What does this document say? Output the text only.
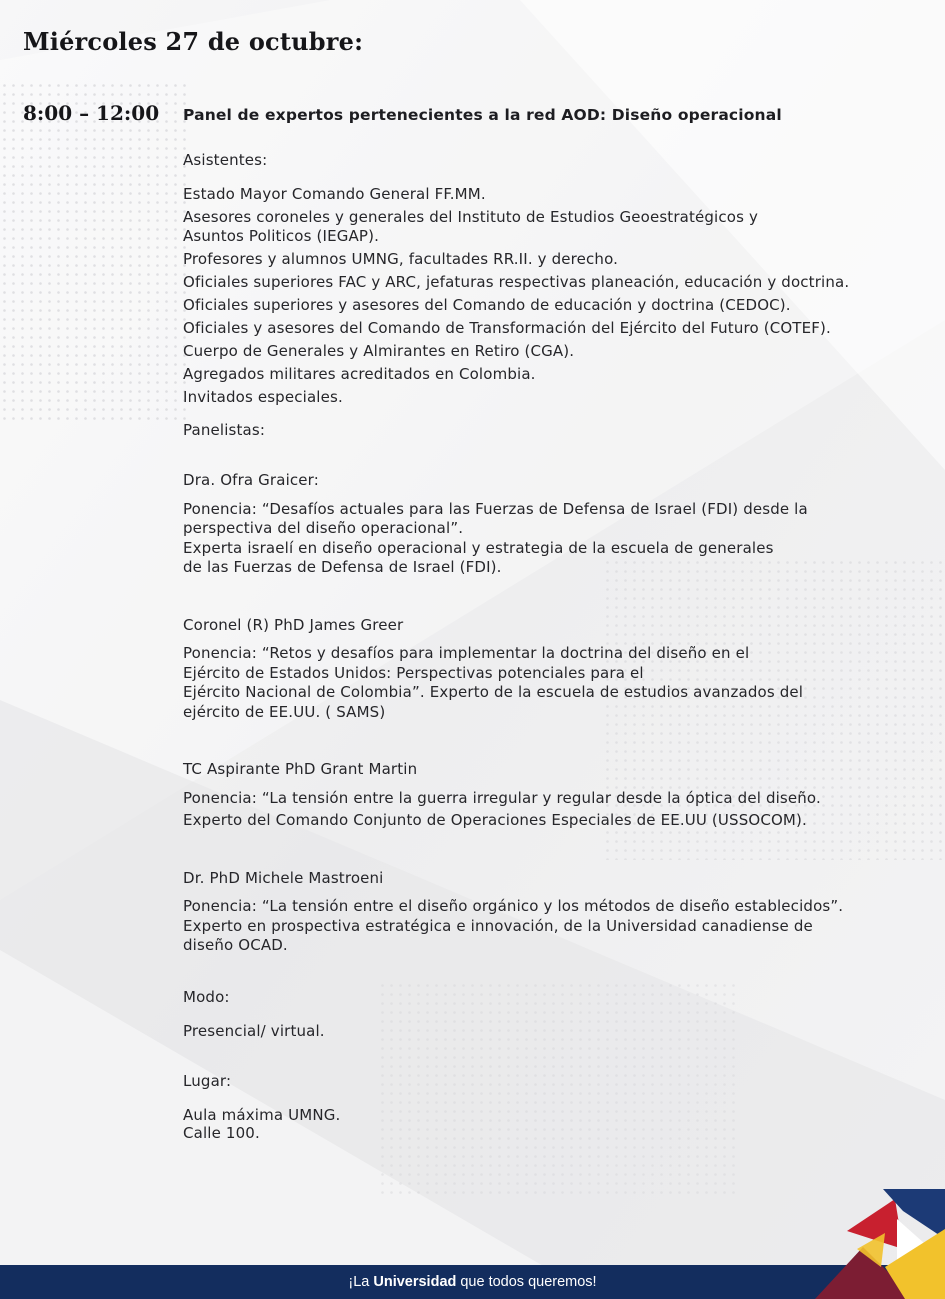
Miércoles 27 de octubre:
8:00 – 12:00 Panel de expertos pertenecientes a la red AOD: Diseño operacional

Asistentes:

Estado Mayor Comando General FF.MM.
Asesores coroneles y generales del Instituto de Estudios Geoestratégicos y
Asuntos Politicos (IEGAP).
Profesores y alumnos UMNG, facultades RR.II. y derecho.
Oficiales superiores FAC y ARC, jefaturas respectivas planeación, educación y doctrina.
Oficiales superiores y asesores del Comando de educación y doctrina (CEDOC).
Oficiales y asesores del Comando de Transformación del Ejército del Futuro (COTEF).
Cuerpo de Generales y Almirantes en Retiro (CGA).
Agregados militares acreditados en Colombia.
Invitados especiales.

Panelistas:

Dra. Ofra Graicer:

Ponencia: “Desafíos actuales para las Fuerzas de Defensa de Israel (FDI) desde la

perspectiva del diseño operacional”.

Experta israelí en diseño operacional y estrategia de la escuela de generales

de las Fuerzas de Defensa de Israel (FDI).

Coronel (R) PhD James Greer

Ponencia: “Retos y desafíos para implementar la doctrina del diseño en el

Ejército de Estados Unidos: Perspectivas potenciales para el

Ejército Nacional de Colombia”. Experto de la escuela de estudios avanzados del

ejército de EE.UU. ( SAMS)

TC Aspirante PhD Grant Martin

Ponencia: “La tensión entre la guerra irregular y regular desde la óptica del diseño.

Experto del Comando Conjunto de Operaciones Especiales de EE.UU (USSOCOM).

Dr. PhD Michele Mastroeni

Ponencia: “La tensión entre el diseño orgánico y los métodos de diseño establecidos”.

Experto en prospectiva estratégica e innovación, de la Universidad canadiense de

diseño OCAD.

Modo:

Presencial/ virtual.

Lugar:

Aula máxima UMNG.

Calle 100.

¡La Universidad que todos queremos!
